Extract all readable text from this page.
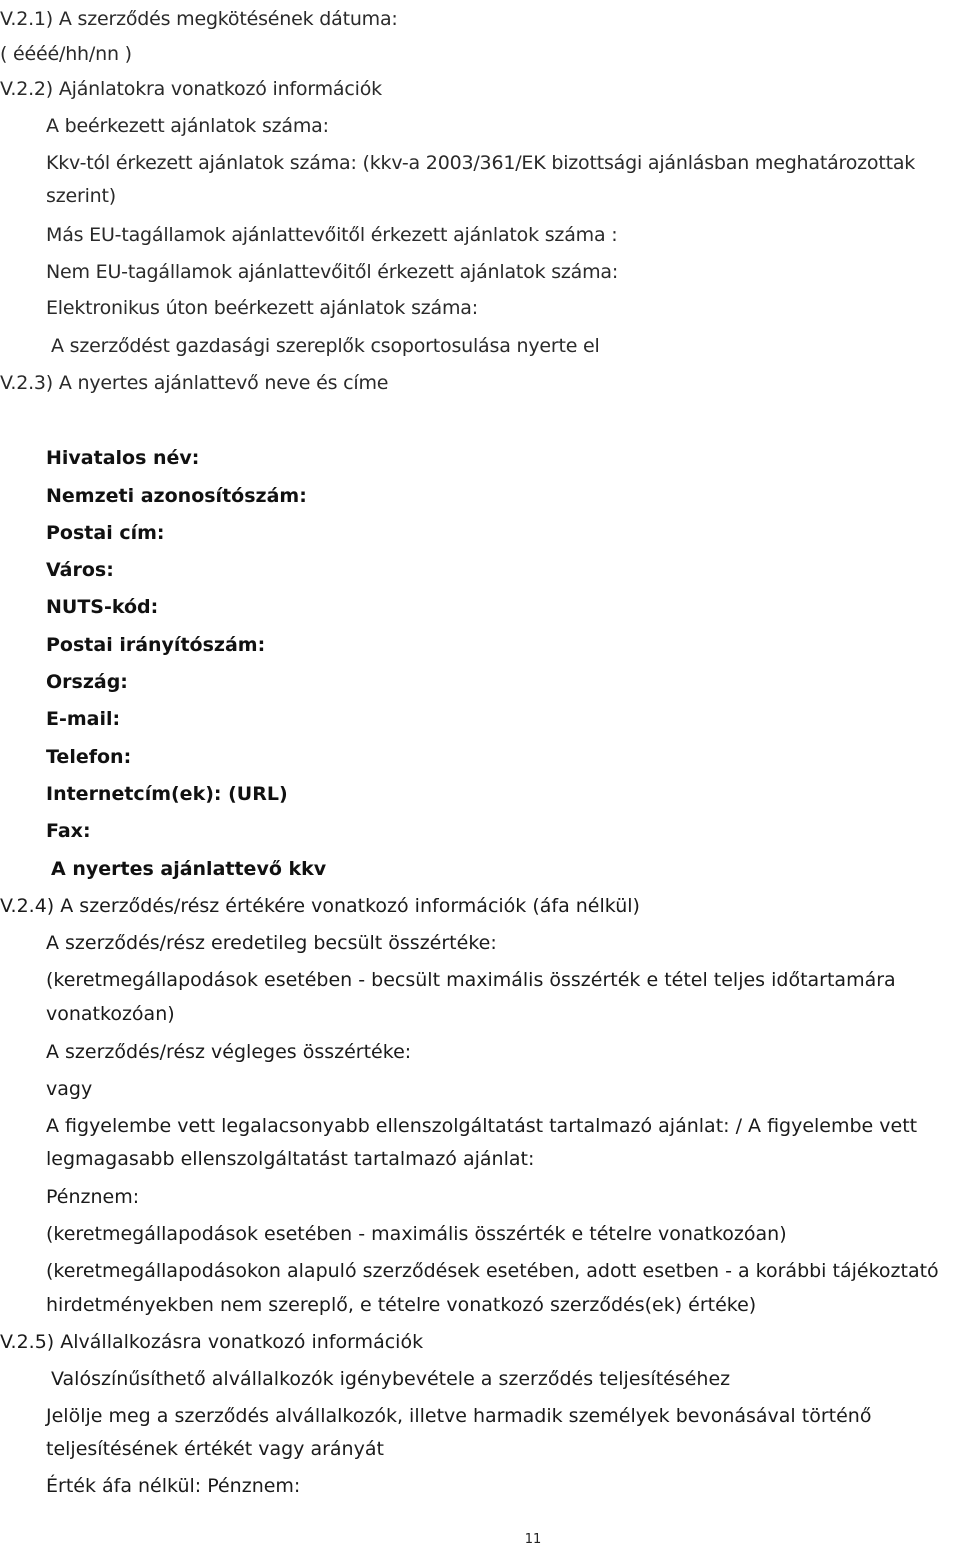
V.2.1) A szerződés megkötésének dátuma:
( éééé/hh/nn )
V.2.2) Ajánlatokra vonatkozó információk
A beérkezett ajánlatok száma:
Kkv-tól érkezett ajánlatok száma: (kkv-a 2003/361/EK bizottsági ajánlásban meghatározottak
szerint)
Más EU-tagállamok ajánlattevőitől érkezett ajánlatok száma :
Nem EU-tagállamok ajánlattevőitől érkezett ajánlatok száma:
Elektronikus úton beérkezett ajánlatok száma:
A szerződést gazdasági szereplők csoportosulása nyerte el
V.2.3) A nyertes ajánlattevő neve és címe
Hivatalos név:
Nemzeti azonosítószám:
Postai cím:
Város:
NUTS-kód:
Postai irányítószám:
Ország:
E-mail:
Telefon:
Internetcím(ek): (URL)
Fax:
A nyertes ajánlattevő kkv
V.2.4) A szerződés/rész értékére vonatkozó információk (áfa nélkül)
A szerződés/rész eredetileg becsült összértéke:
(keretmegállapodások esetében - becsült maximális összérték e tétel teljes időtartamára
vonatkozóan)
A szerződés/rész végleges összértéke:
vagy
A figyelembe vett legalacsonyabb ellenszolgáltatást tartalmazó ajánlat: / A figyelembe vett
legmagasabb ellenszolgáltatást tartalmazó ajánlat:
Pénznem:
(keretmegállapodások esetében - maximális összérték e tételre vonatkozóan)
(keretmegállapodásokon alapuló szerződések esetében, adott esetben - a korábbi tájékoztató
hirdetményekben nem szereplő, e tételre vonatkozó szerződés(ek) értéke)
V.2.5) Alvállalkozásra vonatkozó információk
Valószínűsíthető alvállalkozók igénybevétele a szerződés teljesítéséhez
Jelölje meg a szerződés alvállalkozók, illetve harmadik személyek bevonásával történő
teljesítésének értékét vagy arányát
Érték áfa nélkül: Pénznem:
11
